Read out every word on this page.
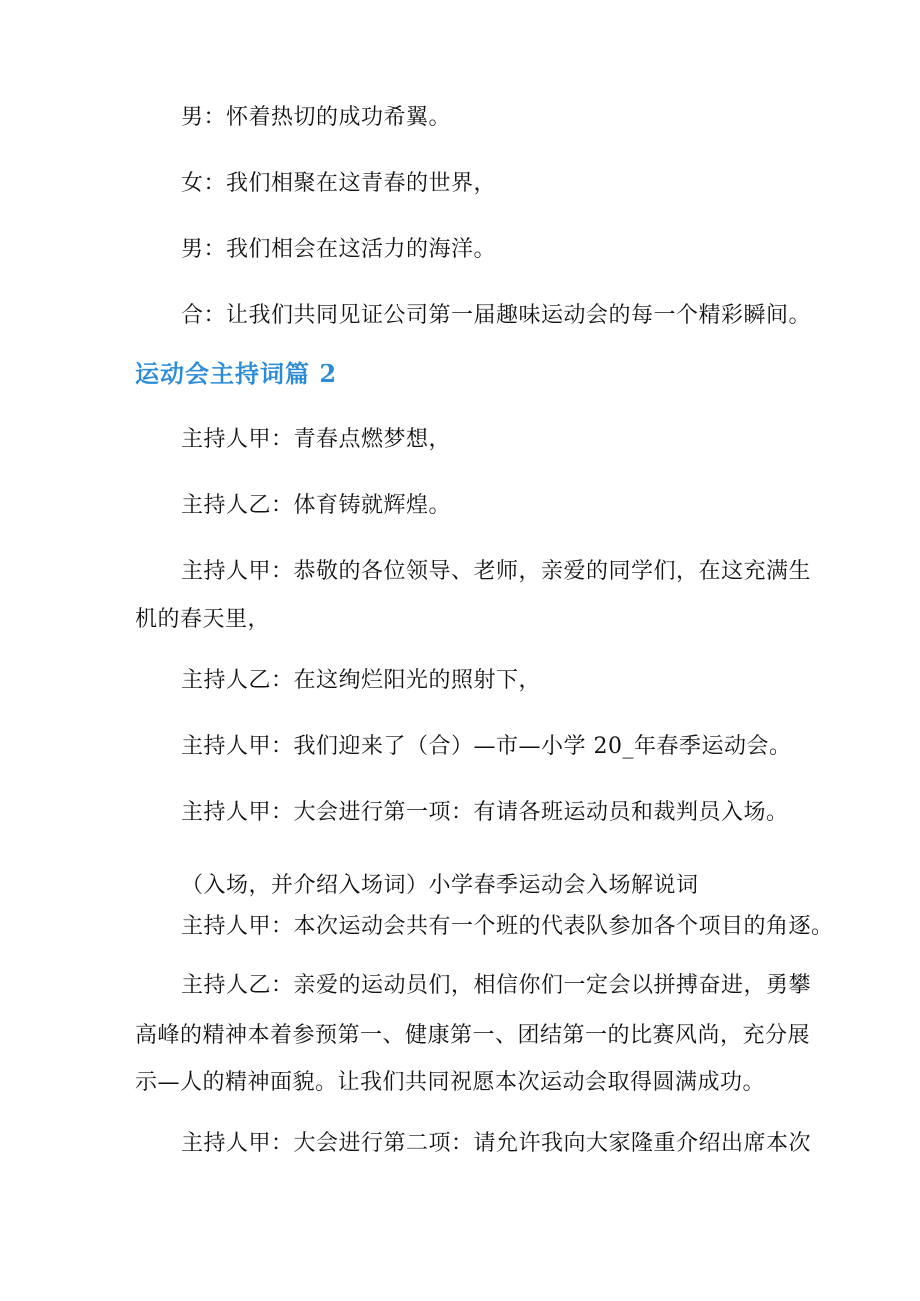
男：怀着热切的成功希翼。
女：我们相聚在这青春的世界，
男：我们相会在这活力的海洋。
合：让我们共同见证公司第一届趣味运动会的每一个精彩瞬间。
运动会主持词篇 2
主持人甲：青春点燃梦想，
主持人乙：体育铸就辉煌。
主持人甲：恭敬的各位领导、老师，亲爱的同学们，在这充满生
机的春天里，
主持人乙：在这绚烂阳光的照射下，
主持人甲：我们迎来了（合）—市—小学 20_年春季运动会。
主持人甲：大会进行第一项：有请各班运动员和裁判员入场。
（入场，并介绍入场词）小学春季运动会入场解说词
主持人甲：本次运动会共有一个班的代表队参加各个项目的角逐。
主持人乙：亲爱的运动员们，相信你们一定会以拼搏奋进，勇攀
高峰的精神本着参预第一、健康第一、团结第一的比赛风尚，充分展
示—人的精神面貌。让我们共同祝愿本次运动会取得圆满成功。
主持人甲：大会进行第二项：请允许我向大家隆重介绍出席本次
